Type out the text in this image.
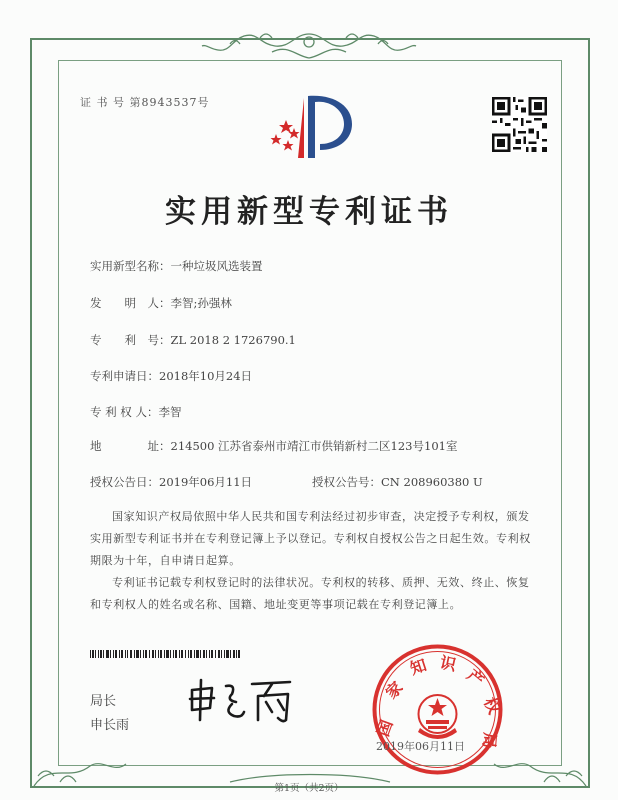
证 书 号 第8943537号
实用新型专利证书
实用新型名称：一种垃圾风选装置
发　　明　人：李智;孙强林
专　　利　号：ZL 2018 2 1726790.1
专利申请日：2018年10月24日
专 利 权 人：李智
地　　　　址：214500 江苏省泰州市靖江市供销新村二区123号101室
授权公告日：2019年06月11日	授权公告号：CN 208960380 U
国家知识产权局依照中华人民共和国专利法经过初步审查，决定授予专利权，颁发实用新型专利证书并在专利登记簿上予以登记。专利权自授权公告之日起生效。专利权期限为十年，自申请日起算。
专利证书记载专利权登记时的法律状况。专利权的转移、质押、无效、终止、恢复和专利权人的姓名或名称、国籍、地址变更等事项记载在专利登记簿上。
局长
申长雨	国
家
知 识
产
权
局
2019年06月11日
第1页（共2页）
